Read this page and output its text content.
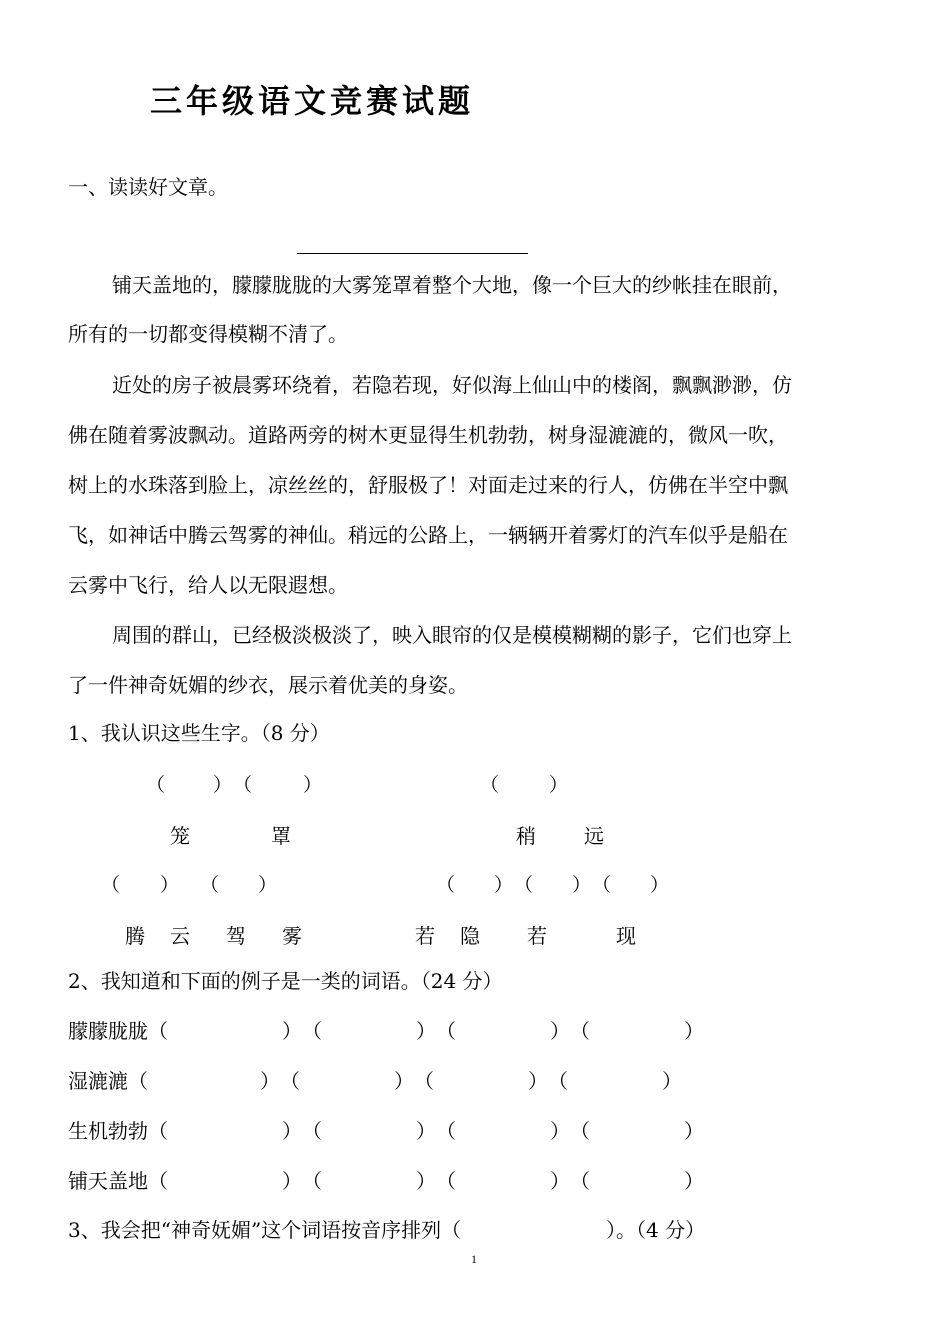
三年级语文竞赛试题
一、读读好文章。
铺天盖地的，朦朦胧胧的大雾笼罩着整个大地，像一个巨大的纱帐挂在眼前，
所有的一切都变得模糊不清了。
近处的房子被晨雾环绕着，若隐若现，好似海上仙山中的楼阁，飘飘渺渺，仿
佛在随着雾波飘动。道路两旁的树木更显得生机勃勃，树身湿漉漉的，微风一吹，
树上的水珠落到脸上，凉丝丝的，舒服极了！对面走过来的行人，仿佛在半空中飘
飞，如神话中腾云驾雾的神仙。稍远的公路上，一辆辆开着雾灯的汽车似乎是船在
云雾中飞行，给人以无限遐想。
周围的群山，已经极淡极淡了，映入眼帘的仅是模模糊糊的影子，它们也穿上
了一件神奇妩媚的纱衣，展示着优美的身姿。
1、我认识这些生字。（8 分）
（	） （	）	（	）
笼	罩	稍 远
（ ） （ ）	（ ） （ ） （ ）
腾 云 驾 雾	若 隐 若	现
2、我知道和下面的例子是一类的词语。（24 分）
朦朦胧胧（	） （	） （	） （	）
湿漉漉（	） （	） （	） （	）
生机勃勃（	） （	） （	） （	）
铺天盖地（	） （	） （	） （	）
3、我会把“神奇妩媚”这个词语按音序排列（	）。（4 分）
1
